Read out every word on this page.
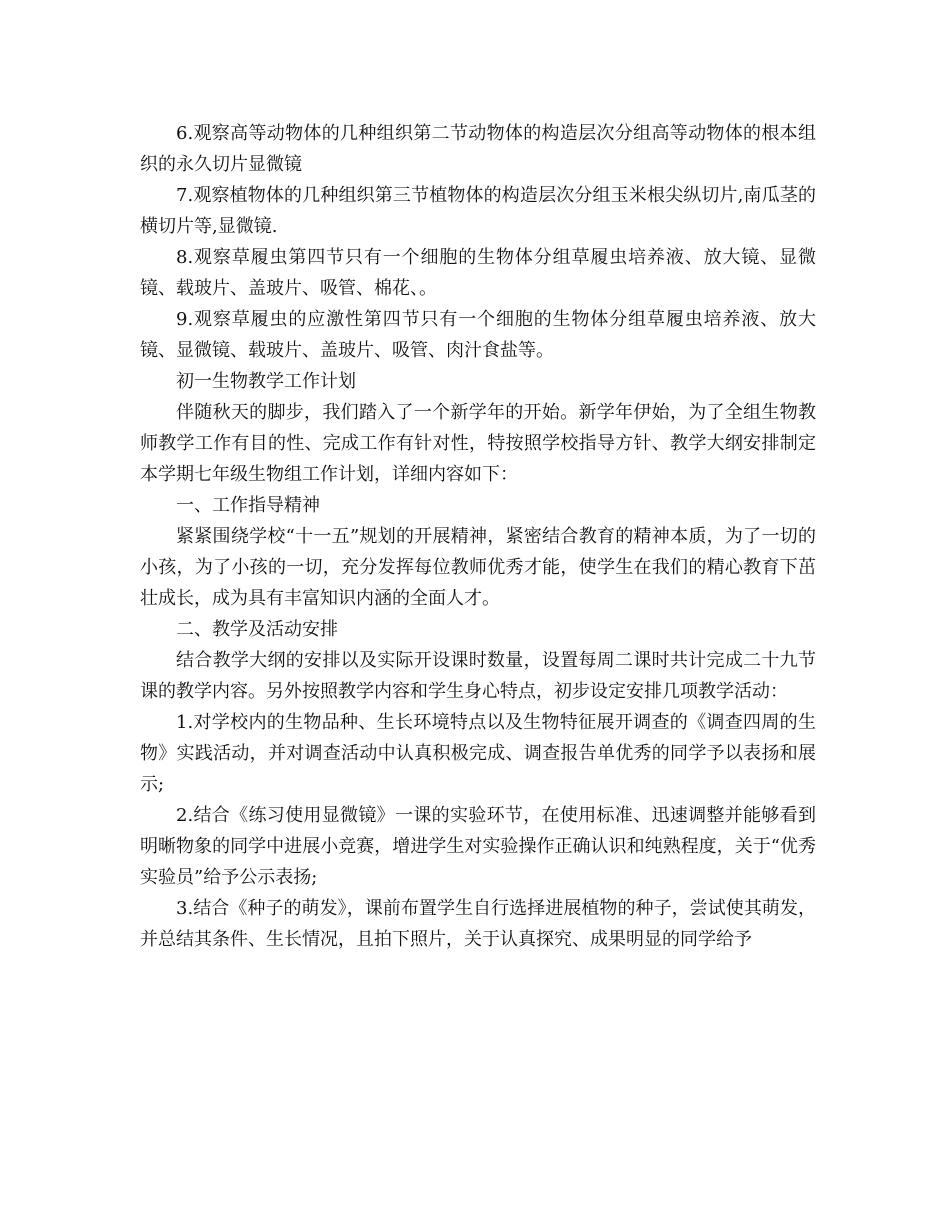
6.观察高等动物体的几种组织第二节动物体的构造层次分组高等动物体的根本组织的永久切片显微镜

7.观察植物体的几种组织第三节植物体的构造层次分组玉米根尖纵切片,南瓜茎的横切片等,显微镜.

8.观察草履虫第四节只有一个细胞的生物体分组草履虫培养液、放大镜、显微镜、载玻片、盖玻片、吸管、棉花、。

9.观察草履虫的应激性第四节只有一个细胞的生物体分组草履虫培养液、放大镜、显微镜、载玻片、盖玻片、吸管、肉汁食盐等。

初一生物教学工作计划

伴随秋天的脚步，我们踏入了一个新学年的开始。新学年伊始，为了全组生物教师教学工作有目的性、完成工作有针对性，特按照学校指导方针、教学大纲安排制定本学期七年级生物组工作计划，详细内容如下：

一、工作指导精神

紧紧围绕学校“十一五”规划的开展精神，紧密结合教育的精神本质，为了一切的小孩，为了小孩的一切，充分发挥每位教师优秀才能，使学生在我们的精心教育下茁壮成长，成为具有丰富知识内涵的全面人才。

二、教学及活动安排

结合教学大纲的安排以及实际开设课时数量，设置每周二课时共计完成二十九节课的教学内容。另外按照教学内容和学生身心特点，初步设定安排几项教学活动：

1.对学校内的生物品种、生长环境特点以及生物特征展开调查的《调查四周的生物》实践活动，并对调查活动中认真积极完成、调查报告单优秀的同学予以表扬和展示;

2.结合《练习使用显微镜》一课的实验环节，在使用标准、迅速调整并能够看到明晰物象的同学中进展小竞赛，增进学生对实验操作正确认识和纯熟程度，关于“优秀实验员”给予公示表扬;

3.结合《种子的萌发》，课前布置学生自行选择进展植物的种子，尝试使其萌发，并总结其条件、生长情况，且拍下照片，关于认真探究、成果明显的同学给予
